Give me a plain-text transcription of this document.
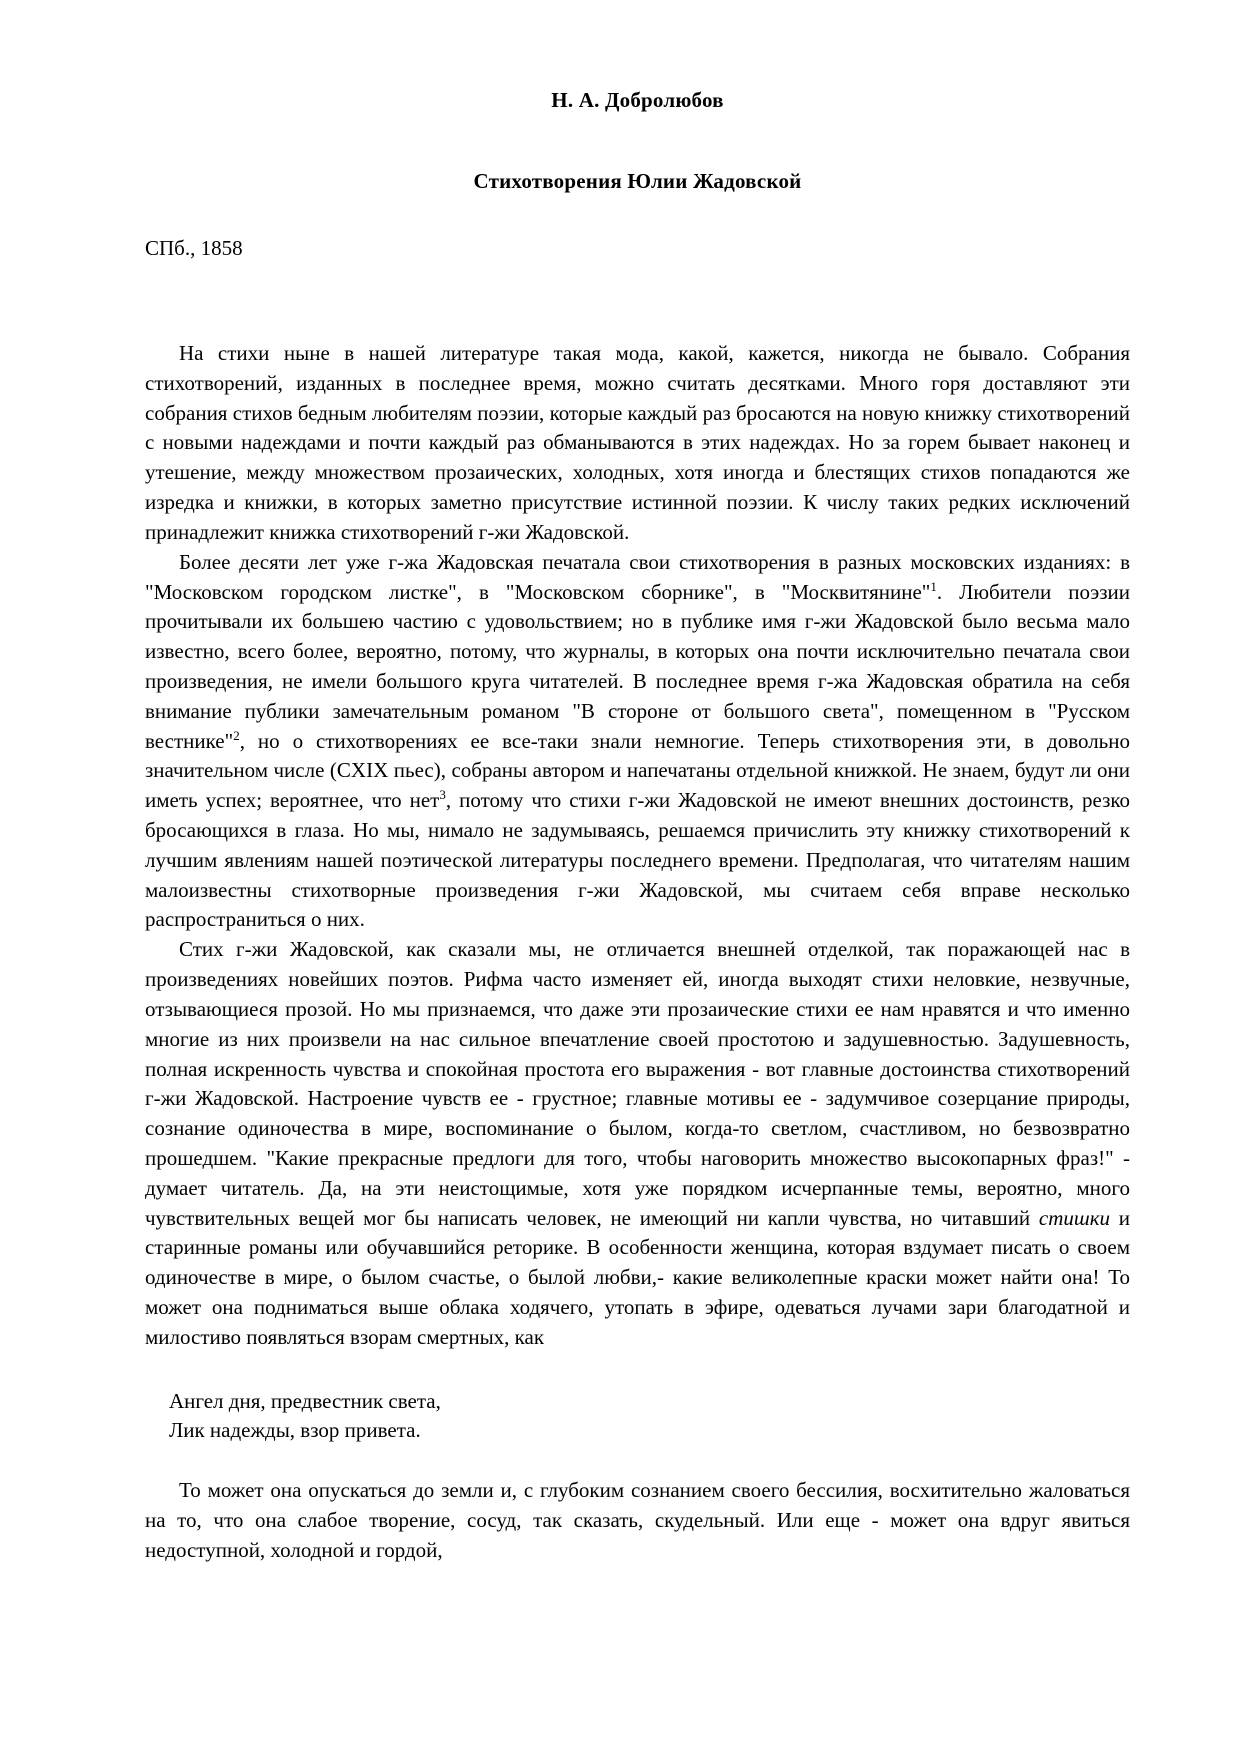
Н. А. Добролюбов
Стихотворения Юлии Жадовской
СПб., 1858

На стихи ныне в нашей литературе такая мода, какой, кажется, никогда не бывало. Собрания стихотворений, изданных в последнее время, можно считать десятками. Много горя доставляют эти собрания стихов бедным любителям поэзии, которые каждый раз бросаются на новую книжку стихотворений с новыми надеждами и почти каждый раз обманываются в этих надеждах. Но за горем бывает наконец и утешение, между множеством прозаических, холодных, хотя иногда и блестящих стихов попадаются же изредка и книжки, в которых заметно присутствие истинной поэзии. К числу таких редких исключений принадлежит книжка стихотворений г-жи Жадовской.

Более десяти лет уже г-жа Жадовская печатала свои стихотворения в разных московских изданиях: в "Московском городском листке", в "Московском сборнике", в "Москвитянине"$^1$. Любители поэзии прочитывали их большею частию с удовольствием; но в публике имя г-жи Жадовской было весьма мало известно, всего более, вероятно, потому, что журналы, в которых она почти исключительно печатала свои произведения, не имели большого круга читателей. В последнее время г-жа Жадовская обратила на себя внимание публики замечательным романом "В стороне от большого света", помещенном в "Русском вестнике"$^2$, но о стихотворениях ее все-таки знали немногие. Теперь стихотворения эти, в довольно значительном числе (CXIX пьес), собраны автором и напечатаны отдельной книжкой. Не знаем, будут ли они иметь успех; вероятнее, что нет$^3$, потому что стихи г-жи Жадовской не имеют внешних достоинств, резко бросающихся в глаза. Но мы, нимало не задумываясь, решаемся причислить эту книжку стихотворений к лучшим явлениям нашей поэтической литературы последнего времени. Предполагая, что читателям нашим малоизвестны стихотворные произведения г-жи Жадовской, мы считаем себя вправе несколько распространиться о них.

Стих г-жи Жадовской, как сказали мы, не отличается внешней отделкой, так поражающей нас в произведениях новейших поэтов. Рифма часто изменяет ей, иногда выходят стихи неловкие, незвучные, отзывающиеся прозой. Но мы признаемся, что даже эти прозаические стихи ее нам нравятся и что именно многие из них произвели на нас сильное впечатление своей простотою и задушевностью. Задушевность, полная искренность чувства и спокойная простота его выражения - вот главные достоинства стихотворений г-жи Жадовской. Настроение чувств ее - грустное; главные мотивы ее - задумчивое созерцание природы, сознание одиночества в мире, воспоминание о былом, когда-то светлом, счастливом, но безвозвратно прошедшем. "Какие прекрасные предлоги для того, чтобы наговорить множество высокопарных фраз!" - думает читатель. Да, на эти неистощимые, хотя уже порядком исчерпанные темы, вероятно, много чувствительных вещей мог бы написать человек, не имеющий ни капли чувства, но читавший стишки и старинные романы или обучавшийся реторике. В особенности женщина, которая вздумает писать о своем одиночестве в мире, о былом счастье, о былой любви,- какие великолепные краски может найти она! То может она подниматься выше облака ходячего, утопать в эфире, одеваться лучами зари благодатной и милостиво появляться взорам смертных, как

Ангел дня, предвестник света,
Лик надежды, взор привета.

То может она опускаться до земли и, с глубоким сознанием своего бессилия, восхитительно жаловаться на то, что она слабое творение, сосуд, так сказать, скудельный. Или еще - может она вдруг явиться недоступной, холодной и гордой,
